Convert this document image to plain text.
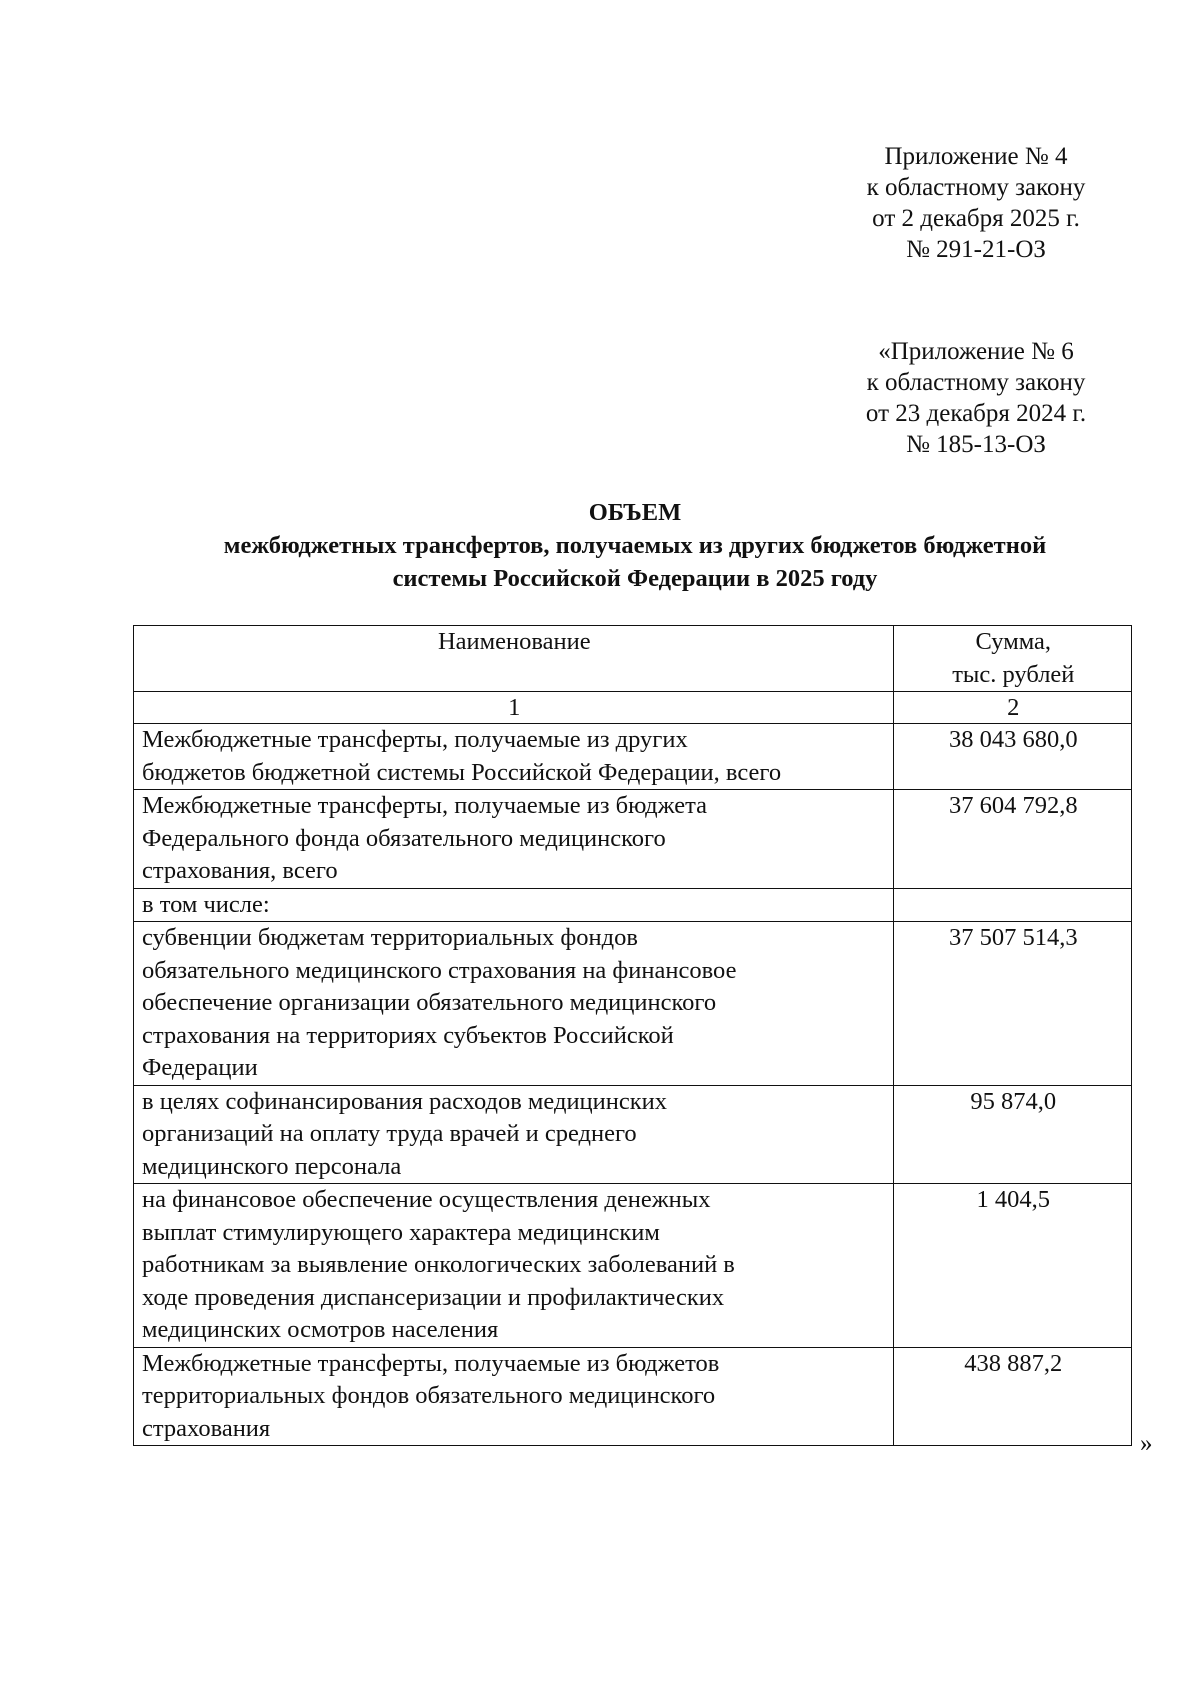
Приложение № 4
к областному закону
от 2 декабря 2025 г.
№ 291-21-ОЗ
«Приложение № 6
к областному закону
от 23 декабря 2024 г.
№ 185-13-ОЗ
ОБЪЕМ
межбюджетных трансфертов, получаемых из других бюджетов бюджетной
системы Российской Федерации в 2025 году
Наименование	Сумма,
тыс. рублей

1	2

Межбюджетные трансферты, получаемые из других
бюджетов бюджетной системы Российской Федерации, всего	38 043 680,0

Межбюджетные трансферты, получаемые из бюджета
Федерального фонда обязательного медицинского
страхования, всего	37 604 792,8

в том числе:	

субвенции бюджетам территориальных фондов
обязательного медицинского страхования на финансовое
обеспечение организации обязательного медицинского
страхования на территориях субъектов Российской
Федерации	37 507 514,3

в целях софинансирования расходов медицинских
организаций на оплату труда врачей и среднего
медицинского персонала	95 874,0

на финансовое обеспечение осуществления денежных
выплат стимулирующего характера медицинским
работникам за выявление онкологических заболеваний в
ходе проведения диспансеризации и профилактических
медицинских осмотров населения	1 404,5

Межбюджетные трансферты, получаемые из бюджетов
территориальных фондов обязательного медицинского
страхования	438 887,2
»
